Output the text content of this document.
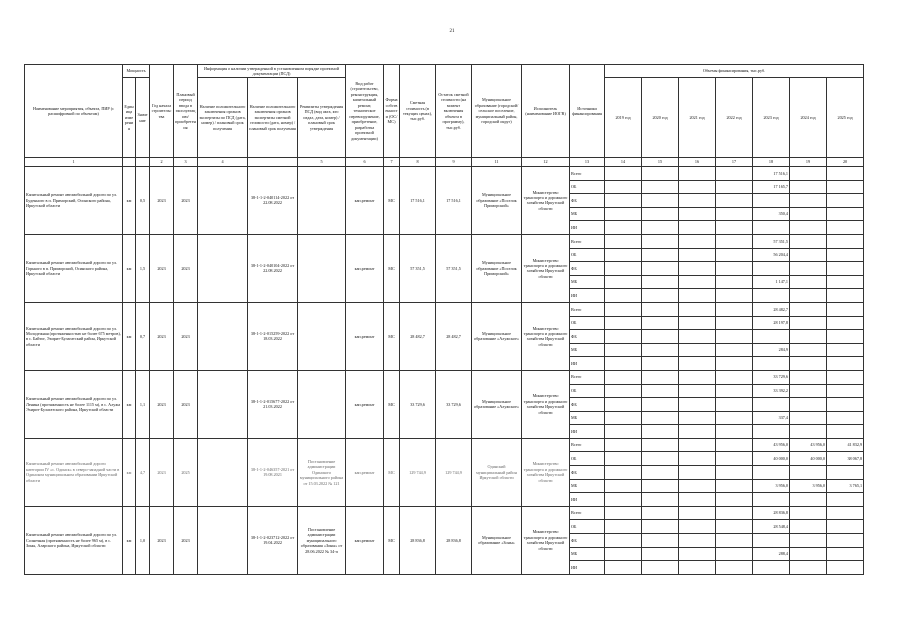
21
Наименование мероприятия, объекта, ПИР (с расшифровкой по объектам)	Мощность		Год начала строительства	Плановый период ввода в эксплуатацию/ приобретения	Информация о наличии утвержденной в установленном порядке проектной документации (ПСД)			Вид работ (строительство, реконструкция, капитальный ремонт, техническое перевооружение, приобретение, разработка проектной документации)	Форма собственности (ОС/МС)	Сметная стоимость (в текущих ценах), тыс.руб.	Остаток сметной стоимости (на момент включения объекта в программу), тыс.руб.	Муниципальное образование (городской/сельское поселение, муниципальный район, городской округ)	Исполнитель (наименование ИОГВ)	Источники финансирования	Объемы финансирования, тыс.руб.						
	Единица измерения	Значение			Наличие положительного заключения органов экспертизы по ПСД (дата, номер) / плановый срок получения	Наличие положительного заключения органов экспертизы сметной стоимости (дата, номер) / плановый срок получения	Реквизиты утверждения ПСД (вид акта, кто издал, дата, номер) / плановый срок утверждения								2019 год	2020 год	2021 год	2022 год	2023 год	2024 год	2025 год

1			2	3	4		5	6	7	8	9	11	12	13	14	15	16	17	18	19	20
Капитальный ремонт автомобильной дороги по ул. Буденного в п. Приморский, Осинского района, Иркутской области	км	0,5	2023	2023		38-1-1-2-040114-2022 от 22.08.2022		кап.ремонт	МС	17 516,1	17 516,1	Муниципальное образование «Поселок Приморский»	Министерство транспорта и дорожного хозяйства Иркутской области	Всего					17 516,1		
														ОБ					17 165,7		
														ФБ							
														МБ					350,4		
														ИИ							
Капитальный ремонт автомобильной дороги по ул. Горького в п. Приморский, Осинского района, Иркутской области	км	1,5	2023	2023		38-1-1-2-040104-2022 от 22.08.2022		кап.ремонт	МС	57 351,5	57 351,5	Муниципальное образование «Поселок Приморский»	Министерство транспорта и дорожного хозяйства Иркутской области	Всего					57 351,5		
														ОБ					56 204,4		
														ФБ							
														МБ					1 147,1		
														ИИ							
Капитальный ремонт автомобильной дороги по ул. Молодежная (протяженностью не более 675 метров), в с. Байтог, Эхирит-Булагатский район, Иркутской области	км	0,7	2023	2023		38-1-1-2-015259-2022 от 18.03.2022		кап.ремонт	МС	28 482,7	28 482,7	Муниципальное образование «Алужское»	Министерство транспорта и дорожного хозяйства Иркутской области	Всего					28 482,7		
														ОБ					28 197,8		
														ФБ							
														МБ					284,9		
														ИИ							
Капитальный ремонт автомобильной дороги по ул. Ленина (протяженность не более 1115 м), в с. Алужа Эхирит-Булагатского района, Иркутской области	км	1,1	2023	2023		38-1-1-2-015677-2022 от 21.03.2022		кап.ремонт	МС	33 729,6	33 729,6	Муниципальное образование «Алужское»	Министерство транспорта и дорожного хозяйства Иркутской области	Всего					33 729,6		
														ОБ					33 392,2		
														ФБ							
														МБ					337,4		
														ИИ							
Капитальный ремонт автомобильной дороги категории IV «с. Одинск» в северо-западной части в Одинском муниципальном образовании Иркутской области	км	4,7	2023	2025		38-1-1-2-046357-2021 от 19.08.2021	Постановление администрации Одинского муниципального района от 15.03.2022 № 121	кап.ремонт	МС	129 744,9	129 744,9	Одинский муниципальный район Иркутской области	Министерство транспорта и дорожного хозяйства Иркутской области	Всего					43 956,0	43 956,0	41 832,9
														ОБ					40 000,0	40 000,0	38 067,8
														ФБ							
														МБ					3 956,0	3 956,0	3 765,1
														ИИ							
Капитальный ремонт автомобильной дороги по ул. Солнечная (протяженность не более 965 м), в с. Зоны, Аларского района, Иркутской области	км	1,0	2023	2023		38-1-1-2-023712-2022 от 19.04.2022	Постановление администрации муниципального образования «Зоны» от 28.06.2022 № 34-п	кап.ремонт	МС	28 836,8	28 836,8	Муниципальное образование «Зоны»	Министерство транспорта и дорожного хозяйства Иркутской области	Всего					28 836,8		
														ОБ					28 548,4		
														ФБ							
														МБ					288,4		
														ИИ							
